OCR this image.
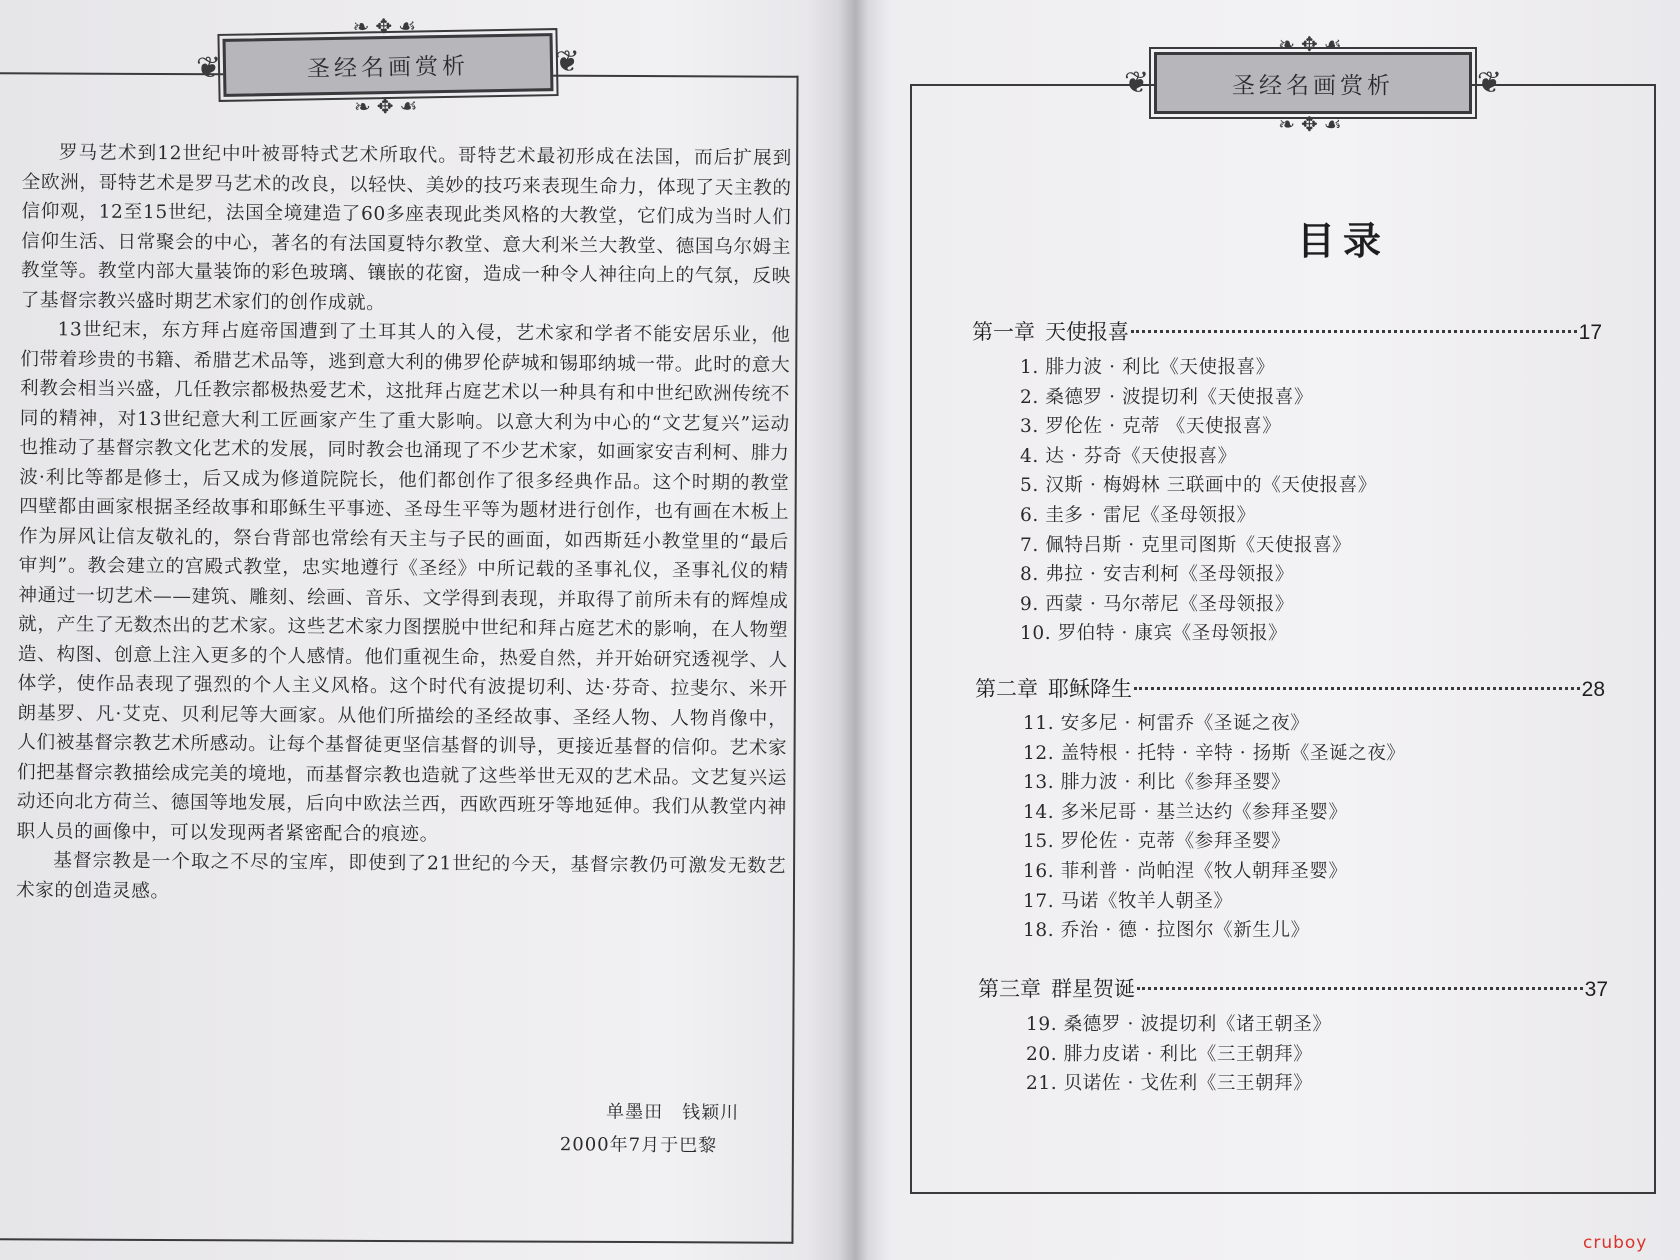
❦
❧✥☙
圣经名画赏析
❧✥☙
❦

罗马艺术到12世纪中叶被哥特式艺术所取代。哥特艺术最初形成在法国，而后扩展到全欧洲，哥特艺术是罗马艺术的改良，以轻快、美妙的技巧来表现生命力，体现了天主教的信仰观，12至15世纪，法国全境建造了60多座表现此类风格的大教堂，它们成为当时人们信仰生活、日常聚会的中心，著名的有法国夏特尔教堂、意大利米兰大教堂、德国乌尔姆主教堂等。教堂内部大量装饰的彩色玻璃、镶嵌的花窗，造成一种令人神往向上的气氛，反映了基督宗教兴盛时期艺术家们的创作成就。

13世纪末，东方拜占庭帝国遭到了土耳其人的入侵，艺术家和学者不能安居乐业，他们带着珍贵的书籍、希腊艺术品等，逃到意大利的佛罗伦萨城和锡耶纳城一带。此时的意大利教会相当兴盛，几任教宗都极热爱艺术，这批拜占庭艺术以一种具有和中世纪欧洲传统不同的精神，对13世纪意大利工匠画家产生了重大影响。以意大利为中心的“文艺复兴”运动也推动了基督宗教文化艺术的发展，同时教会也涌现了不少艺术家，如画家安吉利柯、腓力波·利比等都是修士，后又成为修道院院长，他们都创作了很多经典作品。这个时期的教堂四壁都由画家根据圣经故事和耶稣生平事迹、圣母生平等为题材进行创作，也有画在木板上作为屏风让信友敬礼的，祭台背部也常绘有天主与子民的画面，如西斯廷小教堂里的“最后审判”。教会建立的宫殿式教堂，忠实地遵行《圣经》中所记载的圣事礼仪，圣事礼仪的精神通过一切艺术——建筑、雕刻、绘画、音乐、文学得到表现，并取得了前所未有的辉煌成就，产生了无数杰出的艺术家。这些艺术家力图摆脱中世纪和拜占庭艺术的影响，在人物塑造、构图、创意上注入更多的个人感情。他们重视生命，热爱自然，并开始研究透视学、人体学，使作品表现了强烈的个人主义风格。这个时代有波提切利、达·芬奇、拉斐尔、米开朗基罗、凡·艾克、贝利尼等大画家。从他们所描绘的圣经故事、圣经人物、人物肖像中，人们被基督宗教艺术所感动。让每个基督徒更坚信基督的训导，更接近基督的信仰。艺术家们把基督宗教描绘成完美的境地，而基督宗教也造就了这些举世无双的艺术品。文艺复兴运动还向北方荷兰、德国等地发展，后向中欧法兰西，西欧西班牙等地延伸。我们从教堂内神职人员的画像中，可以发现两者紧密配合的痕迹。

基督宗教是一个取之不尽的宝库，即使到了21世纪的今天，基督宗教仍可激发无数艺术家的创造灵感。

单墨田　钱颖川
2000年7月于巴黎
❦
❧✥☙
圣经名画赏析
❧✥☙
❦
目录
第一章 天使报喜	17
1. 腓力波 · 利比《天使报喜》
2. 桑德罗 · 波提切利《天使报喜》
3. 罗伦佐 · 克蒂 《天使报喜》
4. 达 · 芬奇《天使报喜》
5. 汉斯 · 梅姆林 三联画中的《天使报喜》
6. 圭多 · 雷尼《圣母领报》
7. 佩特吕斯 · 克里司图斯《天使报喜》
8. 弗拉 · 安吉利柯《圣母领报》
9. 西蒙 · 马尔蒂尼《圣母领报》
10. 罗伯特 · 康宾《圣母领报》
第二章 耶稣降生	28
11. 安多尼 · 柯雷乔《圣诞之夜》
12. 盖特根 · 托特 · 辛特 · 扬斯《圣诞之夜》
13. 腓力波 · 利比《参拜圣婴》
14. 多米尼哥 · 基兰达约《参拜圣婴》
15. 罗伦佐 · 克蒂《参拜圣婴》
16. 菲利普 · 尚帕涅《牧人朝拜圣婴》
17. 马诺《牧羊人朝圣》
18. 乔治 · 德 · 拉图尔《新生儿》
第三章 群星贺诞	37
19. 桑德罗 · 波提切利《诸王朝圣》
20. 腓力皮诺 · 利比《三王朝拜》
21. 贝诺佐 · 戈佐利《三王朝拜》
cruboy
